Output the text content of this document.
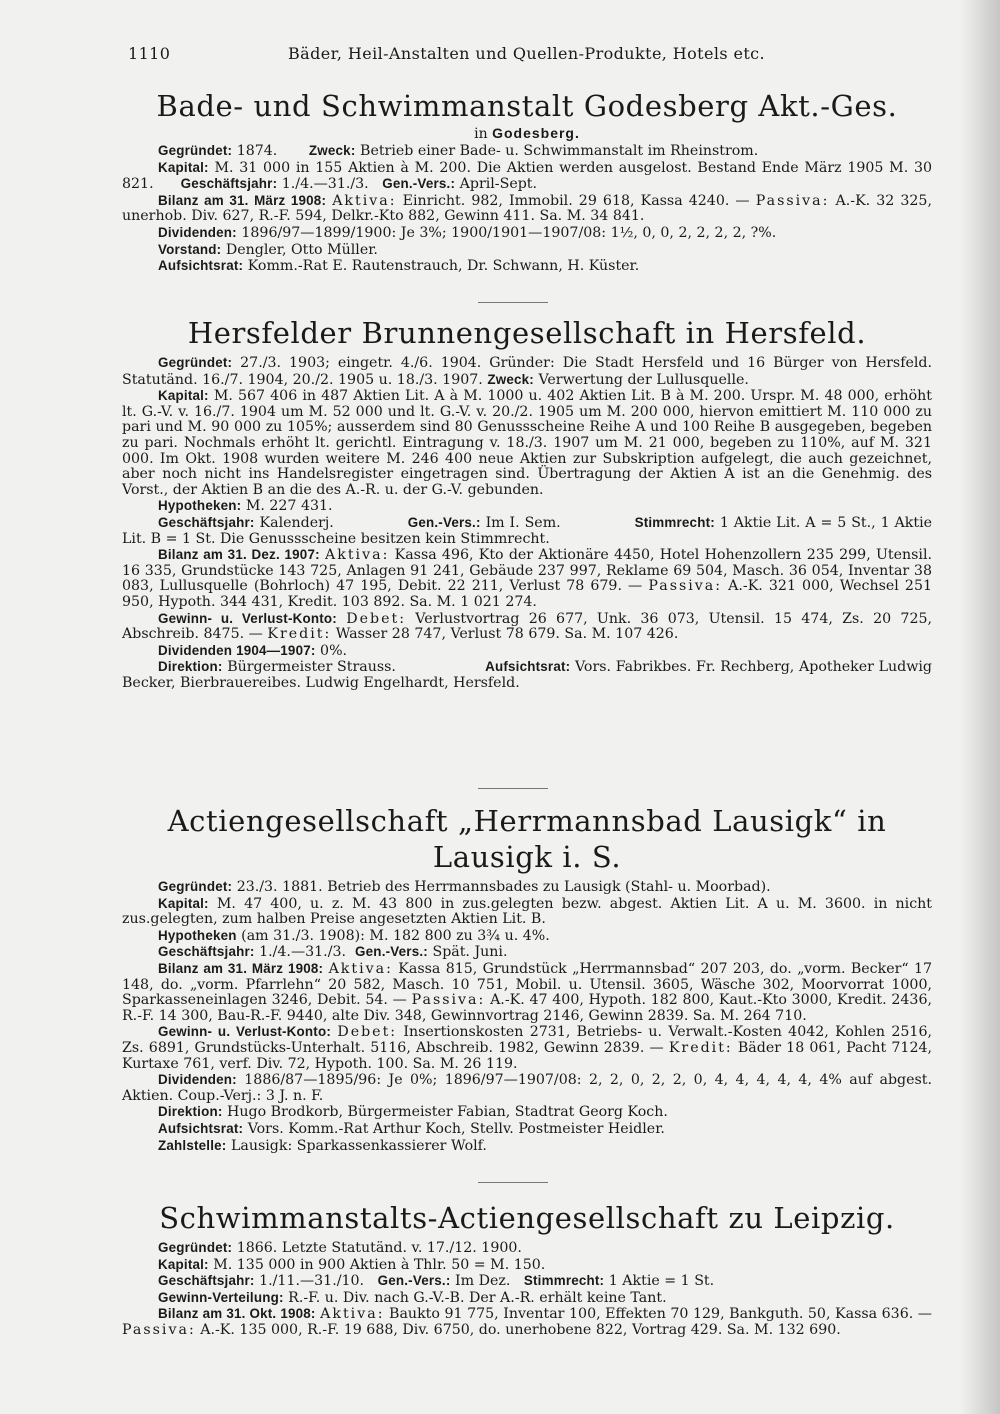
1110	Bäder, Heil-Anstalten und Quellen-Produkte, Hotels etc.
Bade- und Schwimmanstalt Godesberg Akt.-Ges.
in Godesberg.

Gegründet: 1874. Zweck: Betrieb einer Bade- u. Schwimmanstalt im Rheinstrom.

Kapital: M. 31 000 in 155 Aktien à M. 200. Die Aktien werden ausgelost. Bestand Ende März 1905 M. 30 821. Geschäftsjahr: 1./4.—31./3. Gen.-Vers.: April-Sept.

Bilanz am 31. März 1908: Aktiva: Einricht. 982, Immobil. 29 618, Kassa 4240. — Passiva: A.-K. 32 325, unerhob. Div. 627, R.-F. 594, Delkr.-Kto 882, Gewinn 411. Sa. M. 34 841.

Dividenden: 1896/97—1899/1900: Je 3%; 1900/1901—1907/08: 1½, 0, 0, 2, 2, 2, 2, ?%.

Vorstand: Dengler, Otto Müller.

Aufsichtsrat: Komm.-Rat E. Rautenstrauch, Dr. Schwann, H. Küster.

Hersfelder Brunnengesellschaft in Hersfeld.

Gegründet: 27./3. 1903; eingetr. 4./6. 1904. Gründer: Die Stadt Hersfeld und 16 Bürger von Hersfeld. Statutänd. 16./7. 1904, 20./2. 1905 u. 18./3. 1907. Zweck: Verwertung der Lullusquelle.

Kapital: M. 567 406 in 487 Aktien Lit. A à M. 1000 u. 402 Aktien Lit. B à M. 200. Urspr. M. 48 000, erhöht lt. G.-V. v. 16./7. 1904 um M. 52 000 und lt. G.-V. v. 20./2. 1905 um M. 200 000, hiervon emittiert M. 110 000 zu pari und M. 90 000 zu 105%; ausserdem sind 80 Genussscheine Reihe A und 100 Reihe B ausgegeben, begeben zu pari. Nochmals erhöht lt. gerichtl. Eintragung v. 18./3. 1907 um M. 21 000, begeben zu 110%, auf M. 321 000. Im Okt. 1908 wurden weitere M. 246 400 neue Aktien zur Subskription aufgelegt, die auch gezeichnet, aber noch nicht ins Handelsregister eingetragen sind. Übertragung der Aktien A ist an die Genehmig. des Vorst., der Aktien B an die des A.-R. u. der G.-V. gebunden.

Hypotheken: M. 227 431.

Geschäftsjahr: Kalenderj.	Gen.-Vers.: Im I. Sem.	Stimmrecht: 1 Aktie Lit. A = 5 St., 1 Aktie Lit. B = 1 St. Die Genussscheine besitzen kein Stimmrecht.

Bilanz am 31. Dez. 1907: Aktiva: Kassa 496, Kto der Aktionäre 4450, Hotel Hohenzollern 235 299, Utensil. 16 335, Grundstücke 143 725, Anlagen 91 241, Gebäude 237 997, Reklame 69 504, Masch. 36 054, Inventar 38 083, Lullusquelle (Bohrloch) 47 195, Debit. 22 211, Verlust 78 679. — Passiva: A.-K. 321 000, Wechsel 251 950, Hypoth. 344 431, Kredit. 103 892. Sa. M. 1 021 274.

Gewinn- u. Verlust-Konto: Debet: Verlustvortrag 26 677, Unk. 36 073, Utensil. 15 474, Zs. 20 725, Abschreib. 8475. — Kredit: Wasser 28 747, Verlust 78 679. Sa. M. 107 426.

Dividenden 1904—1907: 0%.

Direktion: Bürgermeister Strauss.	Aufsichtsrat: Vors. Fabrikbes. Fr. Rechberg, Apotheker Ludwig Becker, Bierbrauereibes. Ludwig Engelhardt, Hersfeld.

Actiengesellschaft „Herrmannsbad Lausigk“ in Lausigk i. S.

Gegründet: 23./3. 1881. Betrieb des Herrmannsbades zu Lausigk (Stahl- u. Moorbad).

Kapital: M. 47 400, u. z. M. 43 800 in zus.gelegten bezw. abgest. Aktien Lit. A u. M. 3600. in nicht zus.gelegten, zum halben Preise angesetzten Aktien Lit. B.

Hypotheken (am 31./3. 1908): M. 182 800 zu 3¾ u. 4%.

Geschäftsjahr: 1./4.—31./3. Gen.-Vers.: Spät. Juni.

Bilanz am 31. März 1908: Aktiva: Kassa 815, Grundstück „Herrmannsbad“ 207 203, do. „vorm. Becker“ 17 148, do. „vorm. Pfarrlehn“ 20 582, Masch. 10 751, Mobil. u. Utensil. 3605, Wäsche 302, Moorvorrat 1000, Sparkasseneinlagen 3246, Debit. 54. — Passiva: A.-K. 47 400, Hypoth. 182 800, Kaut.-Kto 3000, Kredit. 2436, R.-F. 14 300, Bau-R.-F. 9440, alte Div. 348, Gewinnvortrag 2146, Gewinn 2839. Sa. M. 264 710.

Gewinn- u. Verlust-Konto: Debet: Insertionskosten 2731, Betriebs- u. Verwalt.-Kosten 4042, Kohlen 2516, Zs. 6891, Grundstücks-Unterhalt. 5116, Abschreib. 1982, Gewinn 2839. — Kredit: Bäder 18 061, Pacht 7124, Kurtaxe 761, verf. Div. 72, Hypoth. 100. Sa. M. 26 119.

Dividenden: 1886/87—1895/96: Je 0%; 1896/97—1907/08: 2, 2, 0, 2, 2, 0, 4, 4, 4, 4, 4, 4% auf abgest. Aktien. Coup.-Verj.: 3 J. n. F.

Direktion: Hugo Brodkorb, Bürgermeister Fabian, Stadtrat Georg Koch.

Aufsichtsrat: Vors. Komm.-Rat Arthur Koch, Stellv. Postmeister Heidler.

Zahlstelle: Lausigk: Sparkassenkassierer Wolf.

Schwimmanstalts-Actiengesellschaft zu Leipzig.

Gegründet: 1866. Letzte Statutänd. v. 17./12. 1900.

Kapital: M. 135 000 in 900 Aktien à Thlr. 50 = M. 150.

Geschäftsjahr: 1./11.—31./10. Gen.-Vers.: Im Dez. Stimmrecht: 1 Aktie = 1 St.

Gewinn-Verteilung: R.-F. u. Div. nach G.-V.-B. Der A.-R. erhält keine Tant.

Bilanz am 31. Okt. 1908: Aktiva: Baukto 91 775, Inventar 100, Effekten 70 129, Bankguth. 50, Kassa 636. — Passiva: A.-K. 135 000, R.-F. 19 688, Div. 6750, do. unerhobene 822, Vortrag 429. Sa. M. 132 690.
